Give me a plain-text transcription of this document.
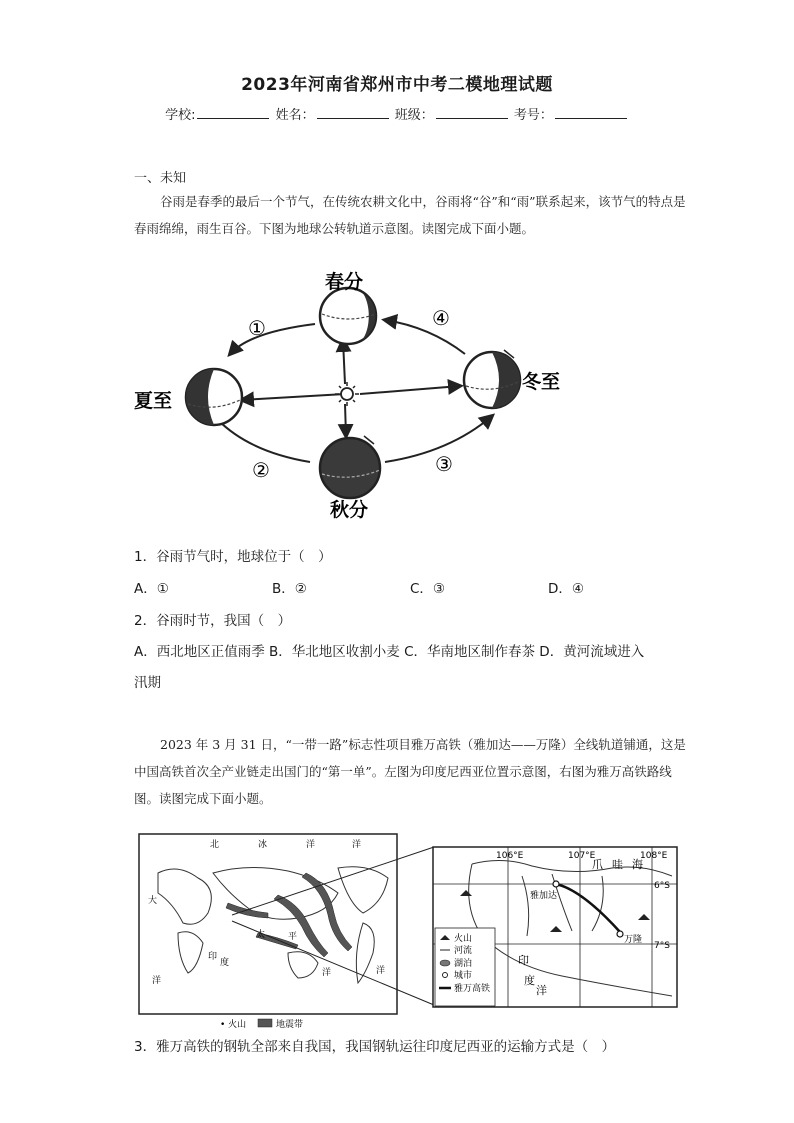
2023年河南省郑州市中考二模地理试题
学校:	姓名：	班级：	考号：
一、未知
谷雨是春季的最后一个节气，在传统农耕文化中，谷雨将“谷”和“雨”联系起来，该节气的特点是春雨绵绵，雨生百谷。下图为地球公转轨道示意图。读图完成下面小题。
春分
夏至
冬至
秋分
①
②	③
④
1．谷雨节气时，地球位于（　）
A．①	B．②	C．③	D．④
2．谷雨时节，我国（　）
A．西北地区正值雨季 B．华北地区收割小麦 C．华南地区制作春茶 D．黄河流域进入
汛期
2023 年 3 月 31 日，“一带一路”标志性项目雅万高铁（雅加达——万隆）全线轨道铺通，这是中国高铁首次全产业链走出国门的“第一单”。左图为印度尼西亚位置示意图，右图为雅万高铁路线图。读图完成下面小题。
北	冰	洋	洋
大
太	平
印
度
洋
洋	洋
• 火山	地震带
106°E	107°E	108°E
6°S
7°S
爪 哇 海
雅加达
万隆
印
度
洋
火山
河流
湖泊
城市
雅万高铁
3．雅万高铁的钢轨全部来自我国，我国钢轨运往印度尼西亚的运输方式是（　）
